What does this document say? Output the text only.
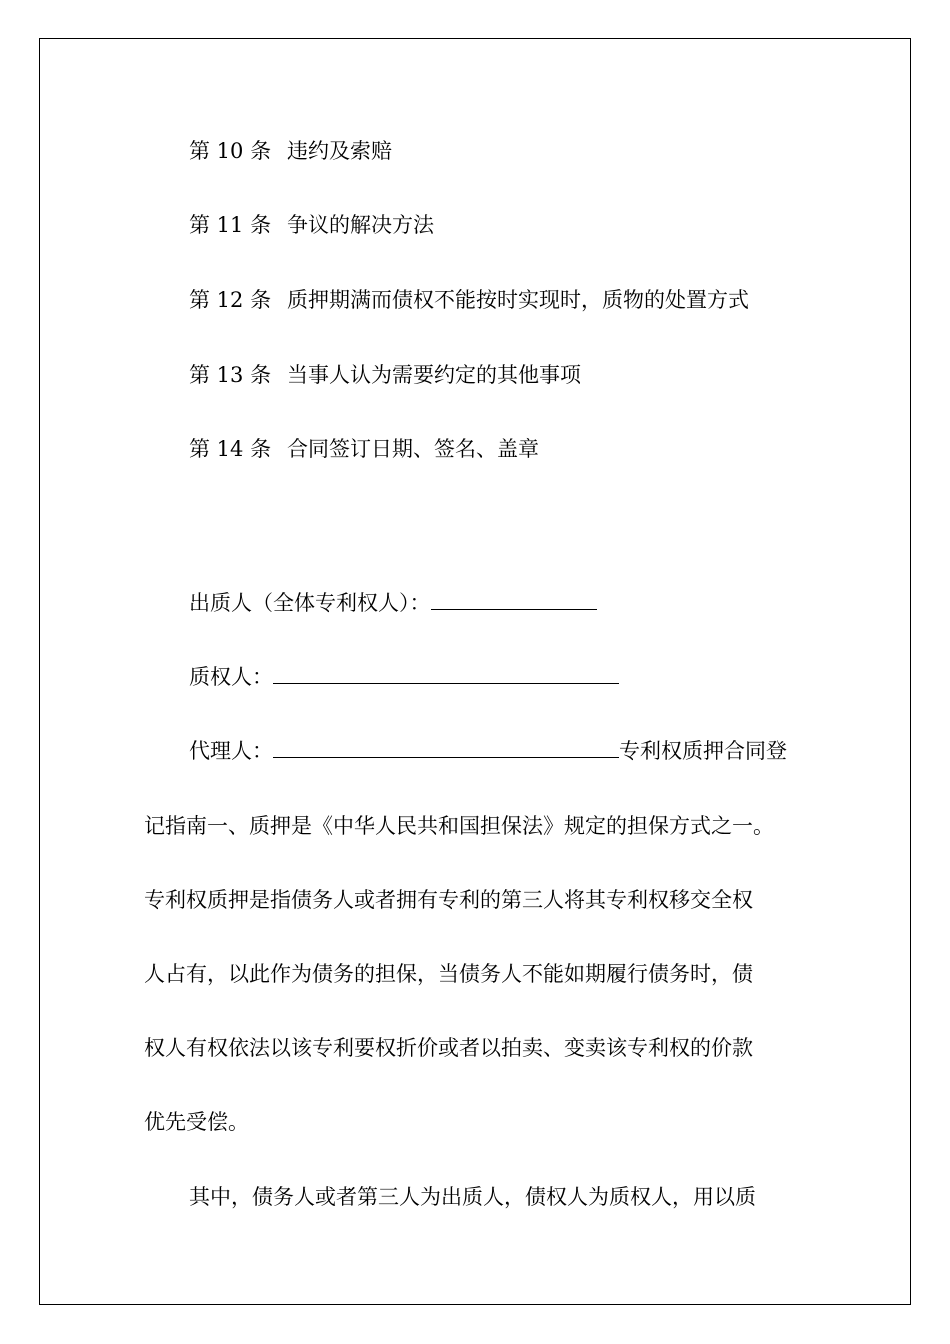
第 10 条 违约及索赔
第 11 条 争议的解决方法
第 12 条 质押期满而债权不能按时实现时，质物的处置方式
第 13 条 当事人认为需要约定的其他事项
第 14 条 合同签订日期、签名、盖章
出质人（全体专利权人）：
质权人：
代理人：	专利权质押合同登
记指南一、质押是《中华人民共和国担保法》规定的担保方式之一。
专利权质押是指债务人或者拥有专利的第三人将其专利权移交全权
人占有，以此作为债务的担保，当债务人不能如期履行债务时，债
权人有权依法以该专利要权折价或者以拍卖、变卖该专利权的价款
优先受偿。
其中，债务人或者第三人为出质人，债权人为质权人，用以质
